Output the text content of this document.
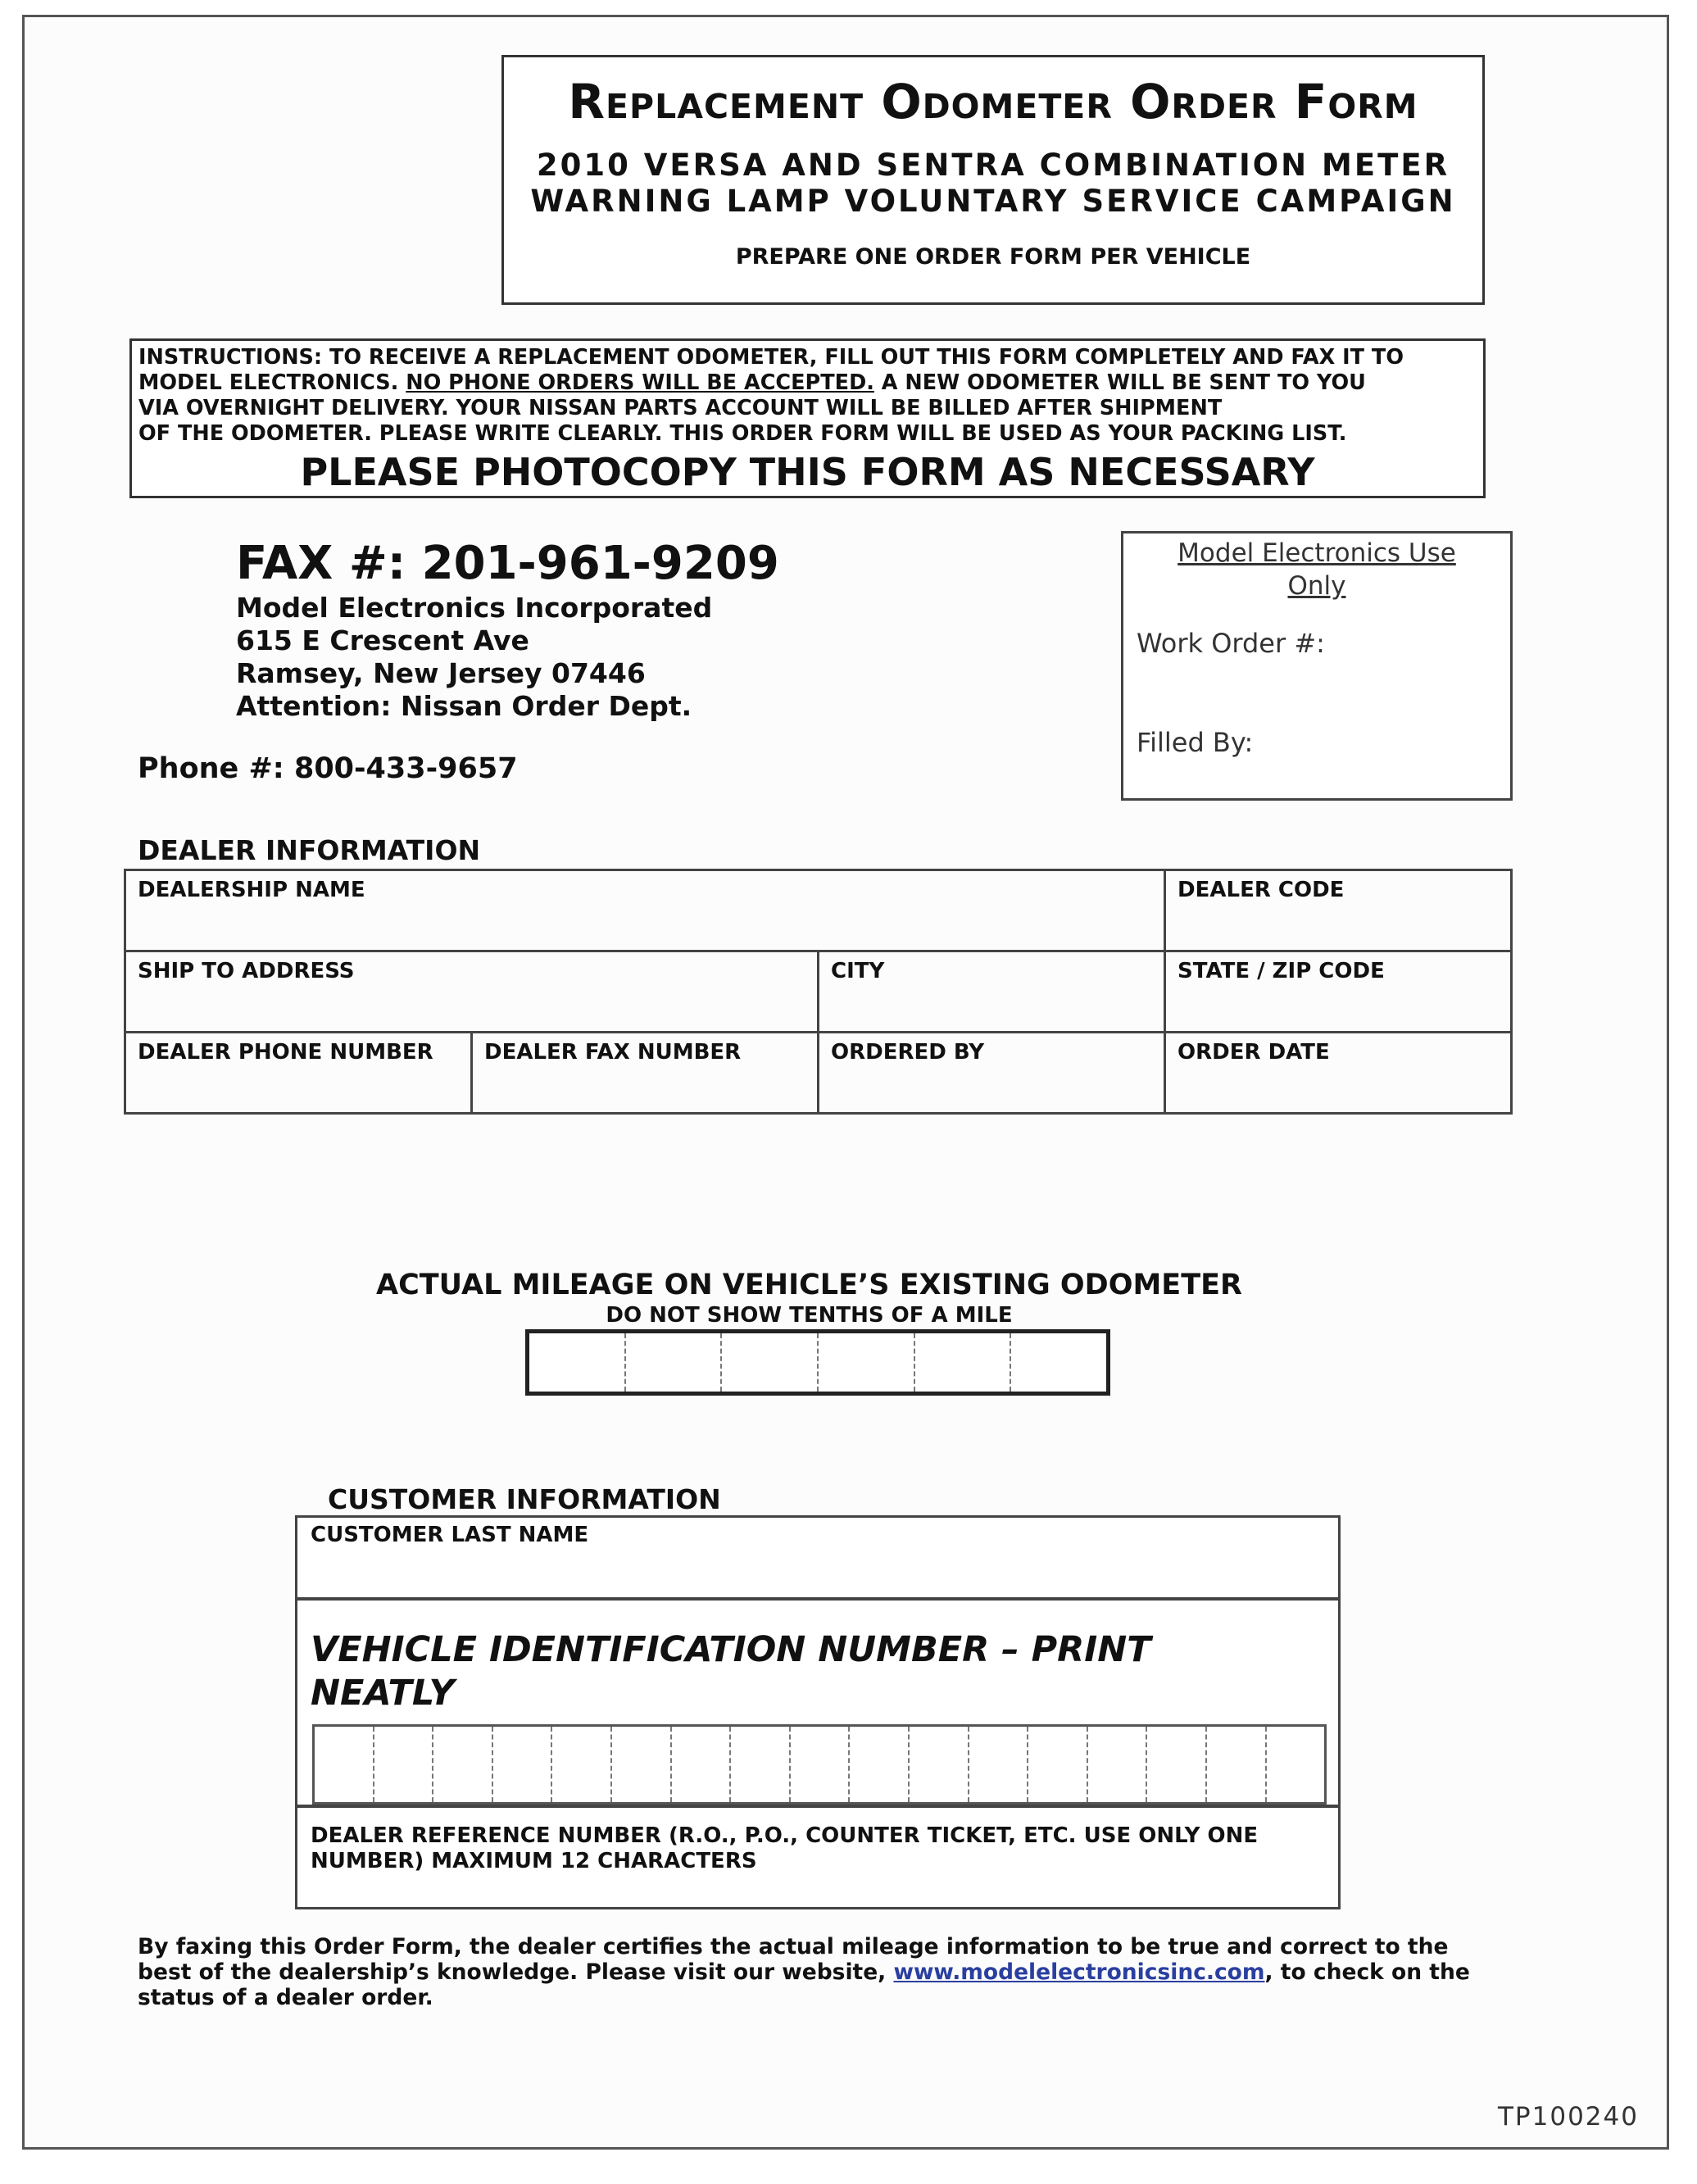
Replacement Odometer Order Form
2010 VERSA AND SENTRA COMBINATION METER
WARNING LAMP VOLUNTARY SERVICE CAMPAIGN
PREPARE ONE ORDER FORM PER VEHICLE
INSTRUCTIONS: TO RECEIVE A REPLACEMENT ODOMETER, FILL OUT THIS FORM COMPLETELY AND FAX IT TO
MODEL ELECTRONICS. NO PHONE ORDERS WILL BE ACCEPTED. A NEW ODOMETER WILL BE SENT TO YOU
VIA OVERNIGHT DELIVERY. YOUR NISSAN PARTS ACCOUNT WILL BE BILLED AFTER SHIPMENT
OF THE ODOMETER. PLEASE WRITE CLEARLY. THIS ORDER FORM WILL BE USED AS YOUR PACKING LIST.
PLEASE PHOTOCOPY THIS FORM AS NECESSARY
FAX #: 201-961-9209
Model Electronics Incorporated
615 E Crescent Ave
Ramsey, New Jersey 07446
Attention: Nissan Order Dept.
Phone #: 800-433-9657
Model Electronics Use
Only
Work Order #:
Filled By:
DEALER INFORMATION
DEALERSHIP NAME			DEALER CODE
SHIP TO ADDRESS		CITY	STATE / ZIP CODE
DEALER PHONE NUMBER	DEALER FAX NUMBER	ORDERED BY	ORDER DATE
ACTUAL MILEAGE ON VEHICLE’S EXISTING ODOMETER
DO NOT SHOW TENTHS OF A MILE
CUSTOMER INFORMATION
CUSTOMER LAST NAME
VEHICLE IDENTIFICATION NUMBER – PRINT
NEATLY
DEALER REFERENCE NUMBER (R.O., P.O., COUNTER TICKET, ETC. USE ONLY ONE
NUMBER) MAXIMUM 12 CHARACTERS
By faxing this Order Form, the dealer certifies the actual mileage information to be true and correct to the
best of the dealership’s knowledge. Please visit our website, www.modelelectronicsinc.com, to check on the
status of a dealer order.
TP100240
